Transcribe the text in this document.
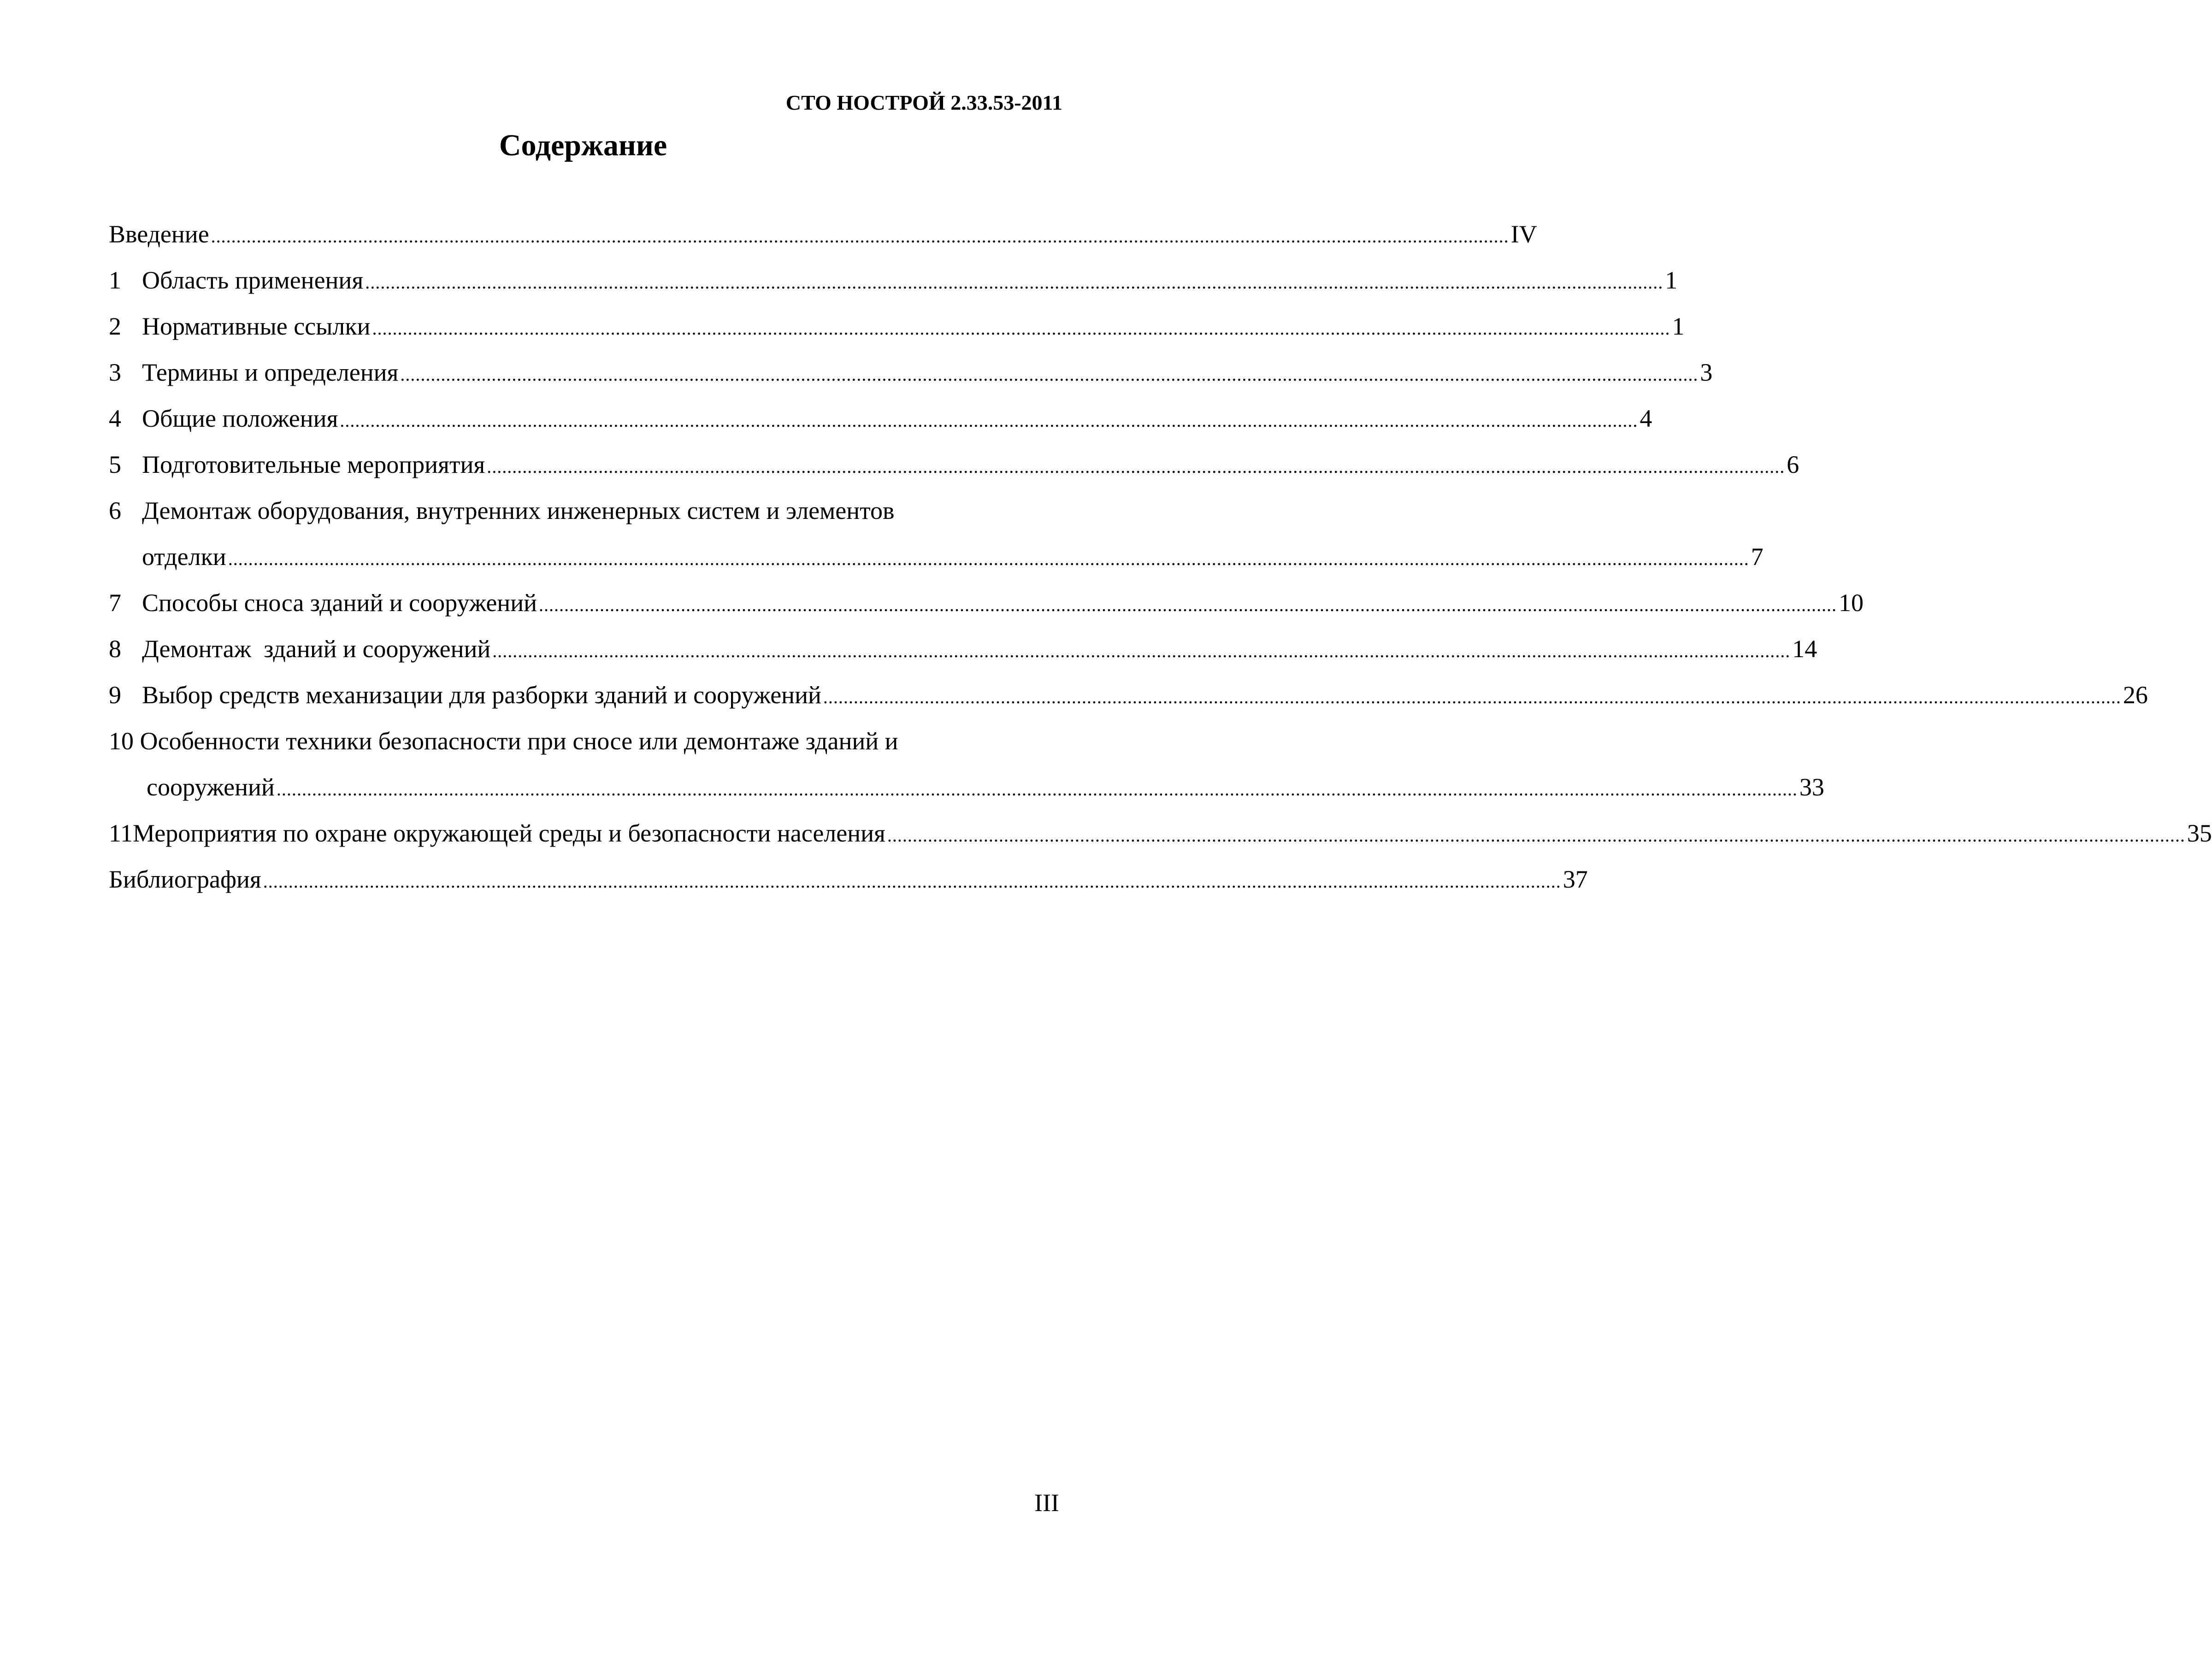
СТО НОСТРОЙ 2.33.53-2011
Содержание
Введение .....	IV
1 Область применения .....	1
2 Нормативные ссылки .....	1
3 Термины и определения .....	3
4 Общие положения .....	4
5 Подготовительные мероприятия .....	6
6 Демонтаж оборудования, внутренних инженерных систем и элементов
отделки ............................................................................................................................................................................................................................................................................................................ 7
7 Способы сноса зданий и сооружений .....	10
8 Демонтаж  зданий и сооружений .....	14
9 Выбор средств механизации для разборки зданий и сооружений .....	26
10 Особенности техники безопасности при сносе или демонтаже зданий и
сооружений ............................................................................................................................................................................................................................................................................................................ 33
11 Мероприятия по охране окружающей среды и безопасности населения .....	35
Библиография .....	37
III
